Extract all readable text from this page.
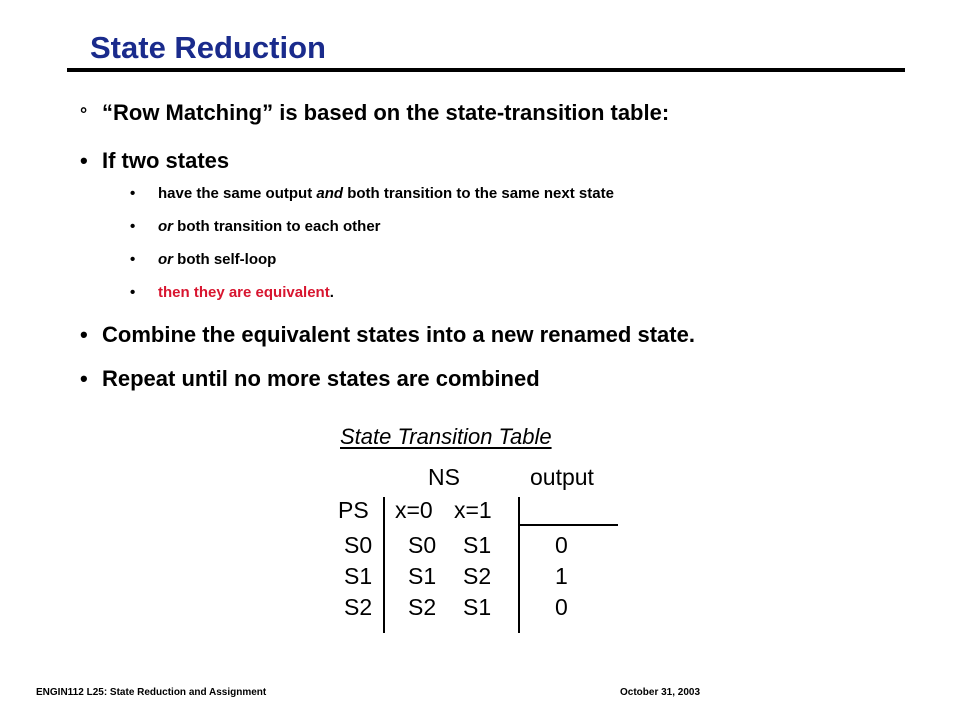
State Reduction
° “Row Matching” is based on the state-transition table:
• If two states
•	have the same output and both transition to the same next state
•	or both transition to each other
•	or both self-loop
•	then they are equivalent.
• Combine the equivalent states into a new renamed state.
• Repeat until no more states are combined
State Transition Table
NS	output
PS x=0 x=1
S0 S0 S1	0
S1 S1 S2	1
S2 S2 S1	0
ENGIN112 L25: State Reduction and Assignment	October 31, 2003
